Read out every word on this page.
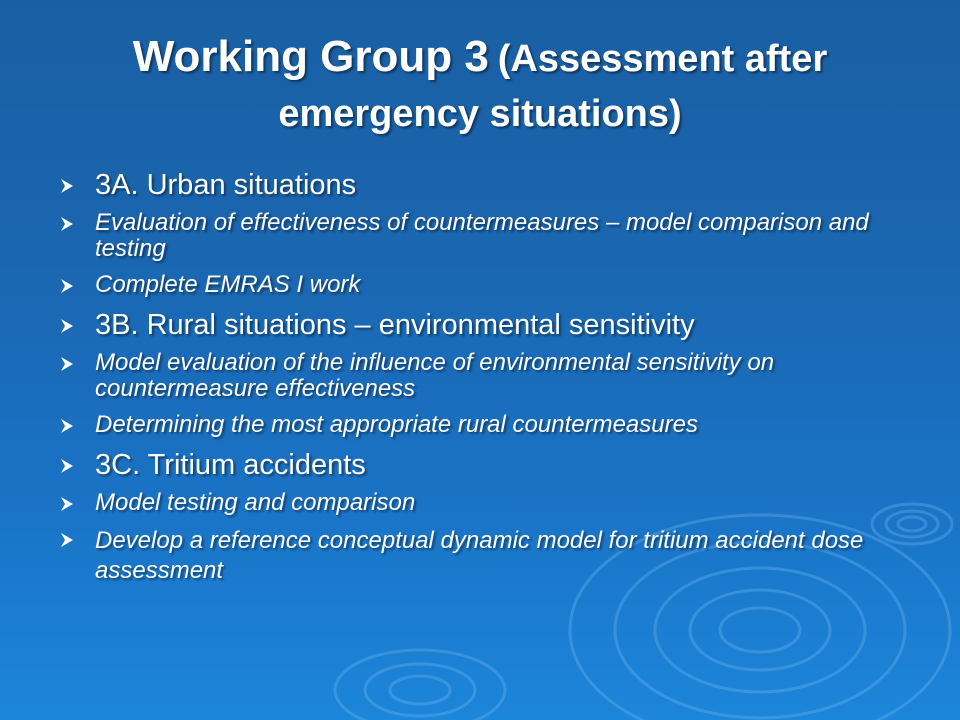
Working Group 3 (Assessment after
emergency situations)
3A. Urban situations
Evaluation of effectiveness of countermeasures – model comparison and testing
Complete EMRAS I work
3B. Rural situations – environmental sensitivity
Model evaluation of the influence of environmental sensitivity on countermeasure effectiveness
Determining the most appropriate rural countermeasures
3C. Tritium accidents
Model testing and comparison
Develop a reference conceptual dynamic model for tritium accident dose assessment
